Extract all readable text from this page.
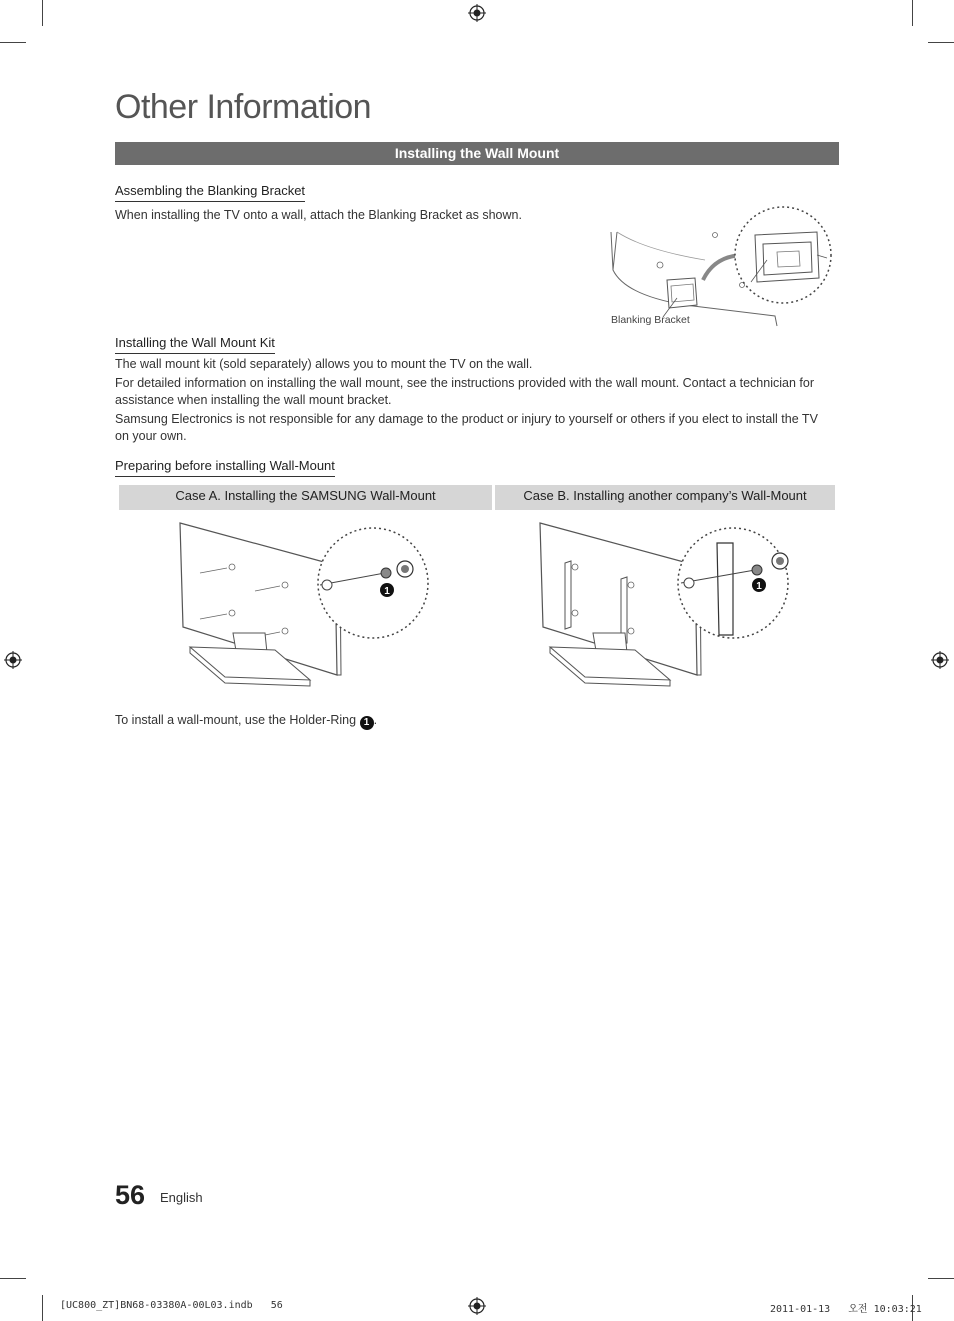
Other Information
Installing the Wall Mount
Assembling the Blanking Bracket
When installing the TV onto a wall, attach the Blanking Bracket as shown.
Blanking Bracket
Installing the Wall Mount Kit
The wall mount kit (sold separately) allows you to mount the TV on the wall.
For detailed information on installing the wall mount, see the instructions provided with the wall mount. Contact a technician for assistance when installing the wall mount bracket.
Samsung Electronics is not responsible for any damage to the product or injury to yourself or others if you elect to install the TV on your own.
Preparing before installing Wall-Mount
Case A. Installing the SAMSUNG Wall-Mount	Case B. Installing another company’s Wall-Mount
1	1
To install a wall-mount, use the Holder-Ring 1 .
56 English
[UC800_ZT]BN68-03380A-00L03.indb   56	2011-01-13   오전 10:03:21
